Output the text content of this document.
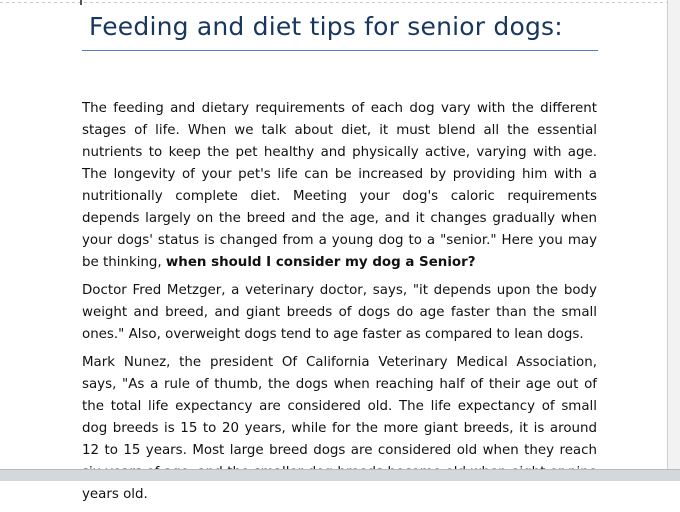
Feeding and diet tips for senior dogs:

The feeding and dietary requirements of each dog vary with the different stages of life. When we talk about diet, it must blend all the essential nutrients to keep the pet healthy and physically active, varying with age. The longevity of your pet's life can be increased by providing him with a nutritionally complete diet. Meeting your dog's caloric requirements depends largely on the breed and the age, and it changes gradually when your dogs' status is changed from a young dog to a "senior." Here you may be thinking, when should I consider my dog a Senior?

Doctor Fred Metzger, a veterinary doctor, says, "it depends upon the body weight and breed, and giant breeds of dogs do age faster than the small ones." Also, overweight dogs tend to age faster as compared to lean dogs.

Mark Nunez, the president Of California Veterinary Medical Association, says, "As a rule of thumb, the dogs when reaching half of their age out of the total life expectancy are considered old. The life expectancy of small dog breeds is 15 to 20 years, while for the more giant breeds, it is around 12 to 15 years. Most large breed dogs are considered old when they reach years old.
